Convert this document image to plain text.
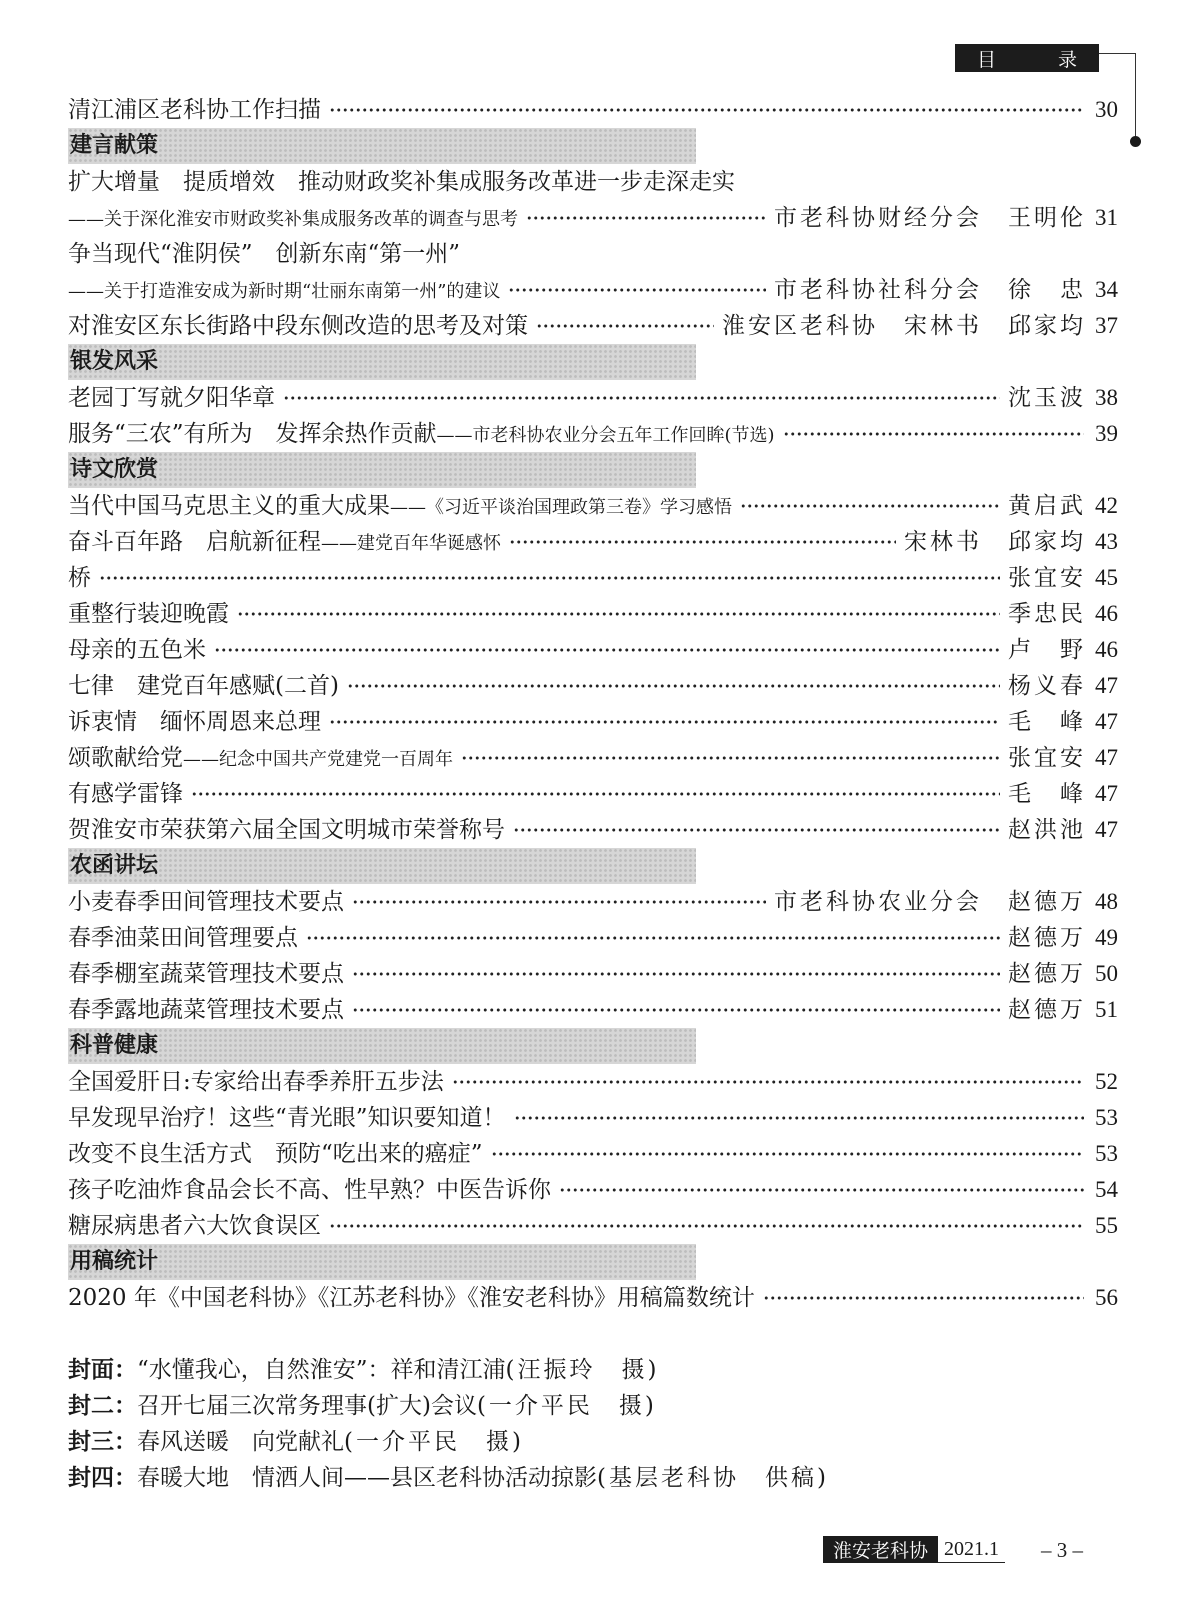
目	录
清江浦区老科协工作扫描	30
建言献策
扩大增量　提质增效　推动财政奖补集成服务改革进一步走深走实
——关于深化淮安市财政奖补集成服务改革的调查与思考	市老科协财经分会　王明伦 31
争当现代“淮阴侯”　创新东南“第一州”
——关于打造淮安成为新时期“壮丽东南第一州”的建议	市老科协社科分会　徐　忠 34
对淮安区东长街路中段东侧改造的思考及对策	淮安区老科协　宋林书　邱家均 37
银发风采
老园丁写就夕阳华章	沈玉波 38
服务“三农”有所为　发挥余热作贡献——市老科协农业分会五年工作回眸(节选)	39
诗文欣赏
当代中国马克思主义的重大成果——《习近平谈治国理政第三卷》学习感悟	黄启武 42
奋斗百年路　启航新征程——建党百年华诞感怀	宋林书　邱家均 43
桥	张宜安 45
重整行装迎晚霞	季忠民 46
母亲的五色米	卢　野 46
七律　建党百年感赋(二首)	杨义春 47
诉衷情　缅怀周恩来总理	毛　峰 47
颂歌献给党——纪念中国共产党建党一百周年	张宜安 47
有感学雷锋	毛　峰 47
贺淮安市荣获第六届全国文明城市荣誉称号	赵洪池 47
农函讲坛
小麦春季田间管理技术要点	市老科协农业分会　赵德万 48
春季油菜田间管理要点	赵德万 49
春季棚室蔬菜管理技术要点	赵德万 50
春季露地蔬菜管理技术要点	赵德万 51
科普健康
全国爱肝日:专家给出春季养肝五步法	52
早发现早治疗！这些“青光眼”知识要知道！	53
改变不良生活方式　预防“吃出来的癌症”	53
孩子吃油炸食品会长不高、性早熟？中医告诉你	54
糖尿病患者六大饮食误区	55
用稿统计
2020 年《中国老科协》《江苏老科协》《淮安老科协》用稿篇数统计	56
封面：“水懂我心，自然淮安”：祥和清江浦(汪振玲　摄)
封二：召开七届三次常务理事(扩大)会议(一介平民　摄)
封三：春风送暖　向党献礼(一介平民　摄)
封四：春暖大地　情洒人间——县区老科协活动掠影(基层老科协　供稿)
淮安老科协 2021.1 – 3 –
